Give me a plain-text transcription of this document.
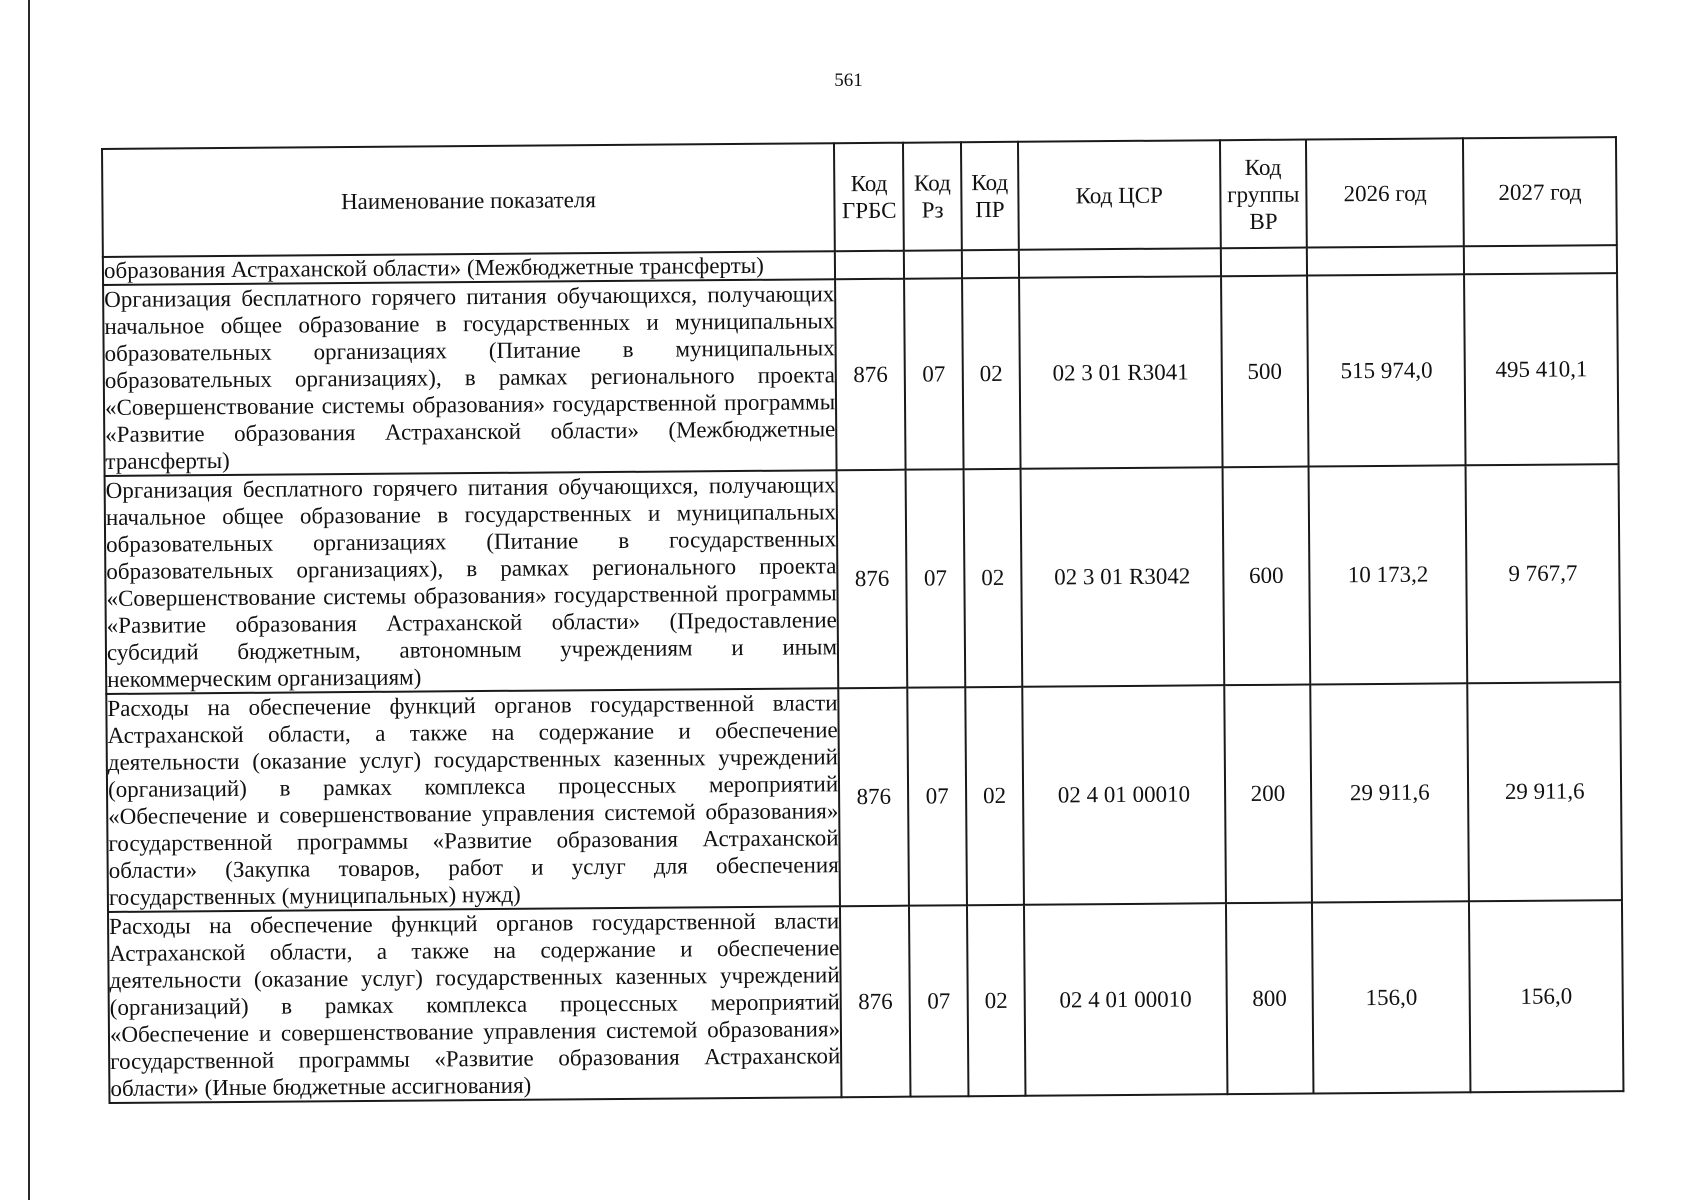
561
Наименование показателя	Код ГРБС	Код Рз	Код ПР	Код ЦСР	Код группы ВР	2026 год	2027 год
образования Астраханской области» (Межбюджетные трансферты)							
Организация бесплатного горячего питания обучающихся, получающих начальное общее образование в государственных и муниципальных образовательных организациях (Питание в муниципальных образовательных организациях), в рамках регионального проекта «Совершенствование системы образования» государственной программы «Развитие образования Астраханской области» (Межбюджетные трансферты)	876	07	02	02 3 01 R3041	500	515 974,0	495 410,1
Организация бесплатного горячего питания обучающихся, получающих начальное общее образование в государственных и муниципальных образовательных организациях (Питание в государственных образовательных организациях), в рамках регионального проекта «Совершенствование системы образования» государственной программы «Развитие образования Астраханской области» (Предоставление субсидий бюджетным, автономным учреждениям и иным некоммерческим организациям)	876	07	02	02 3 01 R3042	600	10 173,2	9 767,7
Расходы на обеспечение функций органов государственной власти Астраханской области, а также на содержание и обеспечение деятельности (оказание услуг) государственных казенных учреждений (организаций) в рамках комплекса процессных мероприятий «Обеспечение и совершенствование управления системой образования» государственной программы «Развитие образования Астраханской области» (Закупка товаров, работ и услуг для обеспечения государственных (муниципальных) нужд)	876	07	02	02 4 01 00010	200	29 911,6	29 911,6
Расходы на обеспечение функций органов государственной власти Астраханской области, а также на содержание и обеспечение деятельности (оказание услуг) государственных казенных учреждений (организаций) в рамках комплекса процессных мероприятий «Обеспечение и совершенствование управления системой образования» государственной программы «Развитие образования Астраханской области» (Иные бюджетные ассигнования)	876	07	02	02 4 01 00010	800	156,0	156,0
